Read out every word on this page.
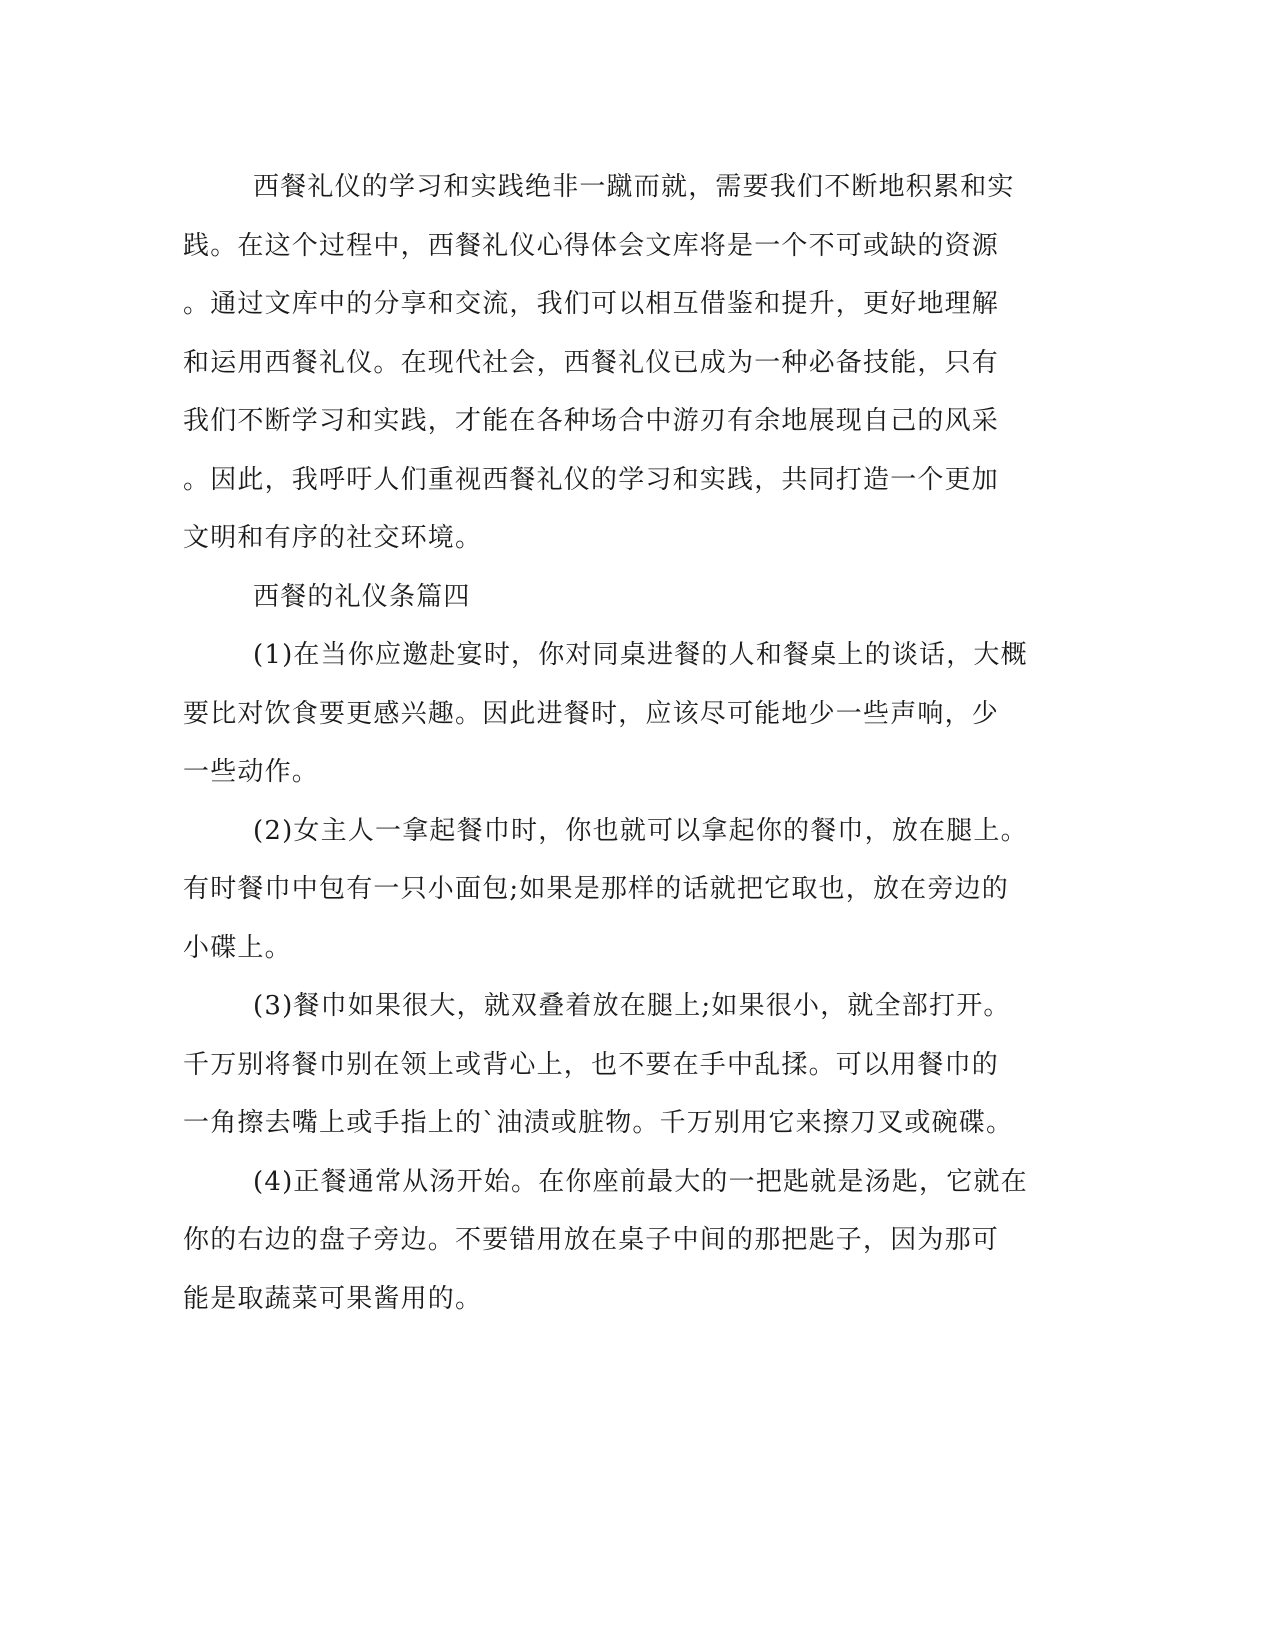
西餐礼仪的学习和实践绝非一蹴而就，需要我们不断地积累和实
践。在这个过程中，西餐礼仪心得体会文库将是一个不可或缺的资源
。通过文库中的分享和交流，我们可以相互借鉴和提升，更好地理解
和运用西餐礼仪。在现代社会，西餐礼仪已成为一种必备技能，只有
我们不断学习和实践，才能在各种场合中游刃有余地展现自己的风采
。因此，我呼吁人们重视西餐礼仪的学习和实践，共同打造一个更加
文明和有序的社交环境。
西餐的礼仪条篇四
(1)在当你应邀赴宴时，你对同桌进餐的人和餐桌上的谈话，大概
要比对饮食要更感兴趣。因此进餐时，应该尽可能地少一些声响，少
一些动作。
(2)女主人一拿起餐巾时，你也就可以拿起你的餐巾，放在腿上。
有时餐巾中包有一只小面包;如果是那样的话就把它取也，放在旁边的
小碟上。
(3)餐巾如果很大，就双叠着放在腿上;如果很小，就全部打开。
千万别将餐巾别在领上或背心上，也不要在手中乱揉。可以用餐巾的
一角擦去嘴上或手指上的`油渍或脏物。千万别用它来擦刀叉或碗碟。
(4)正餐通常从汤开始。在你座前最大的一把匙就是汤匙，它就在
你的右边的盘子旁边。不要错用放在桌子中间的那把匙子，因为那可
能是取蔬菜可果酱用的。
